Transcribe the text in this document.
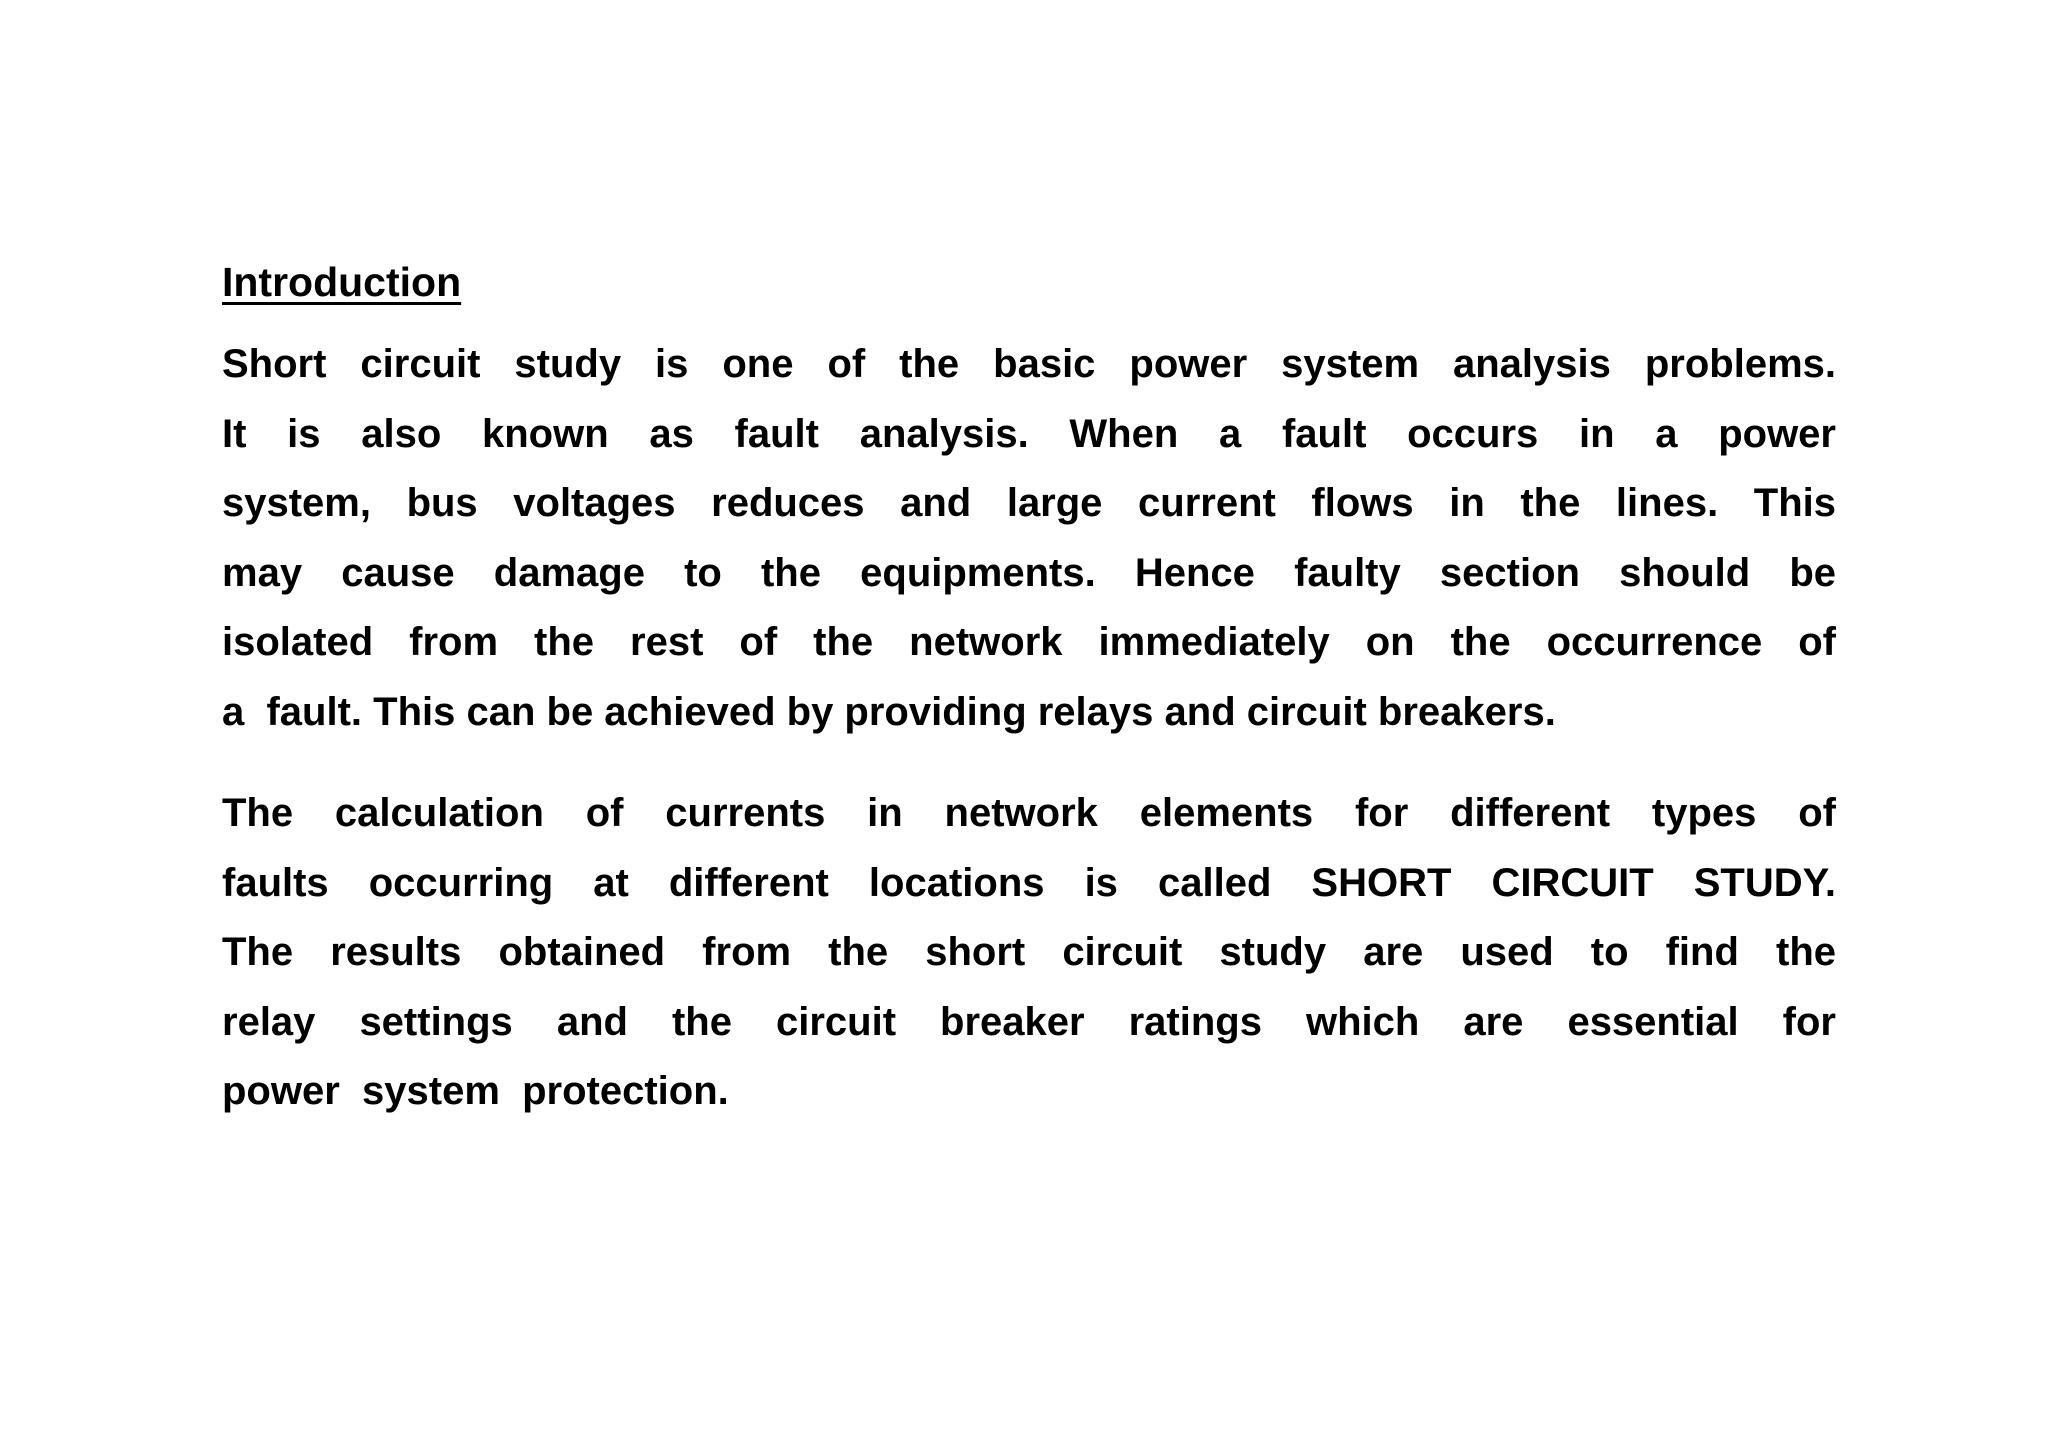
Introduction

Short circuit study is one of the basic power system analysis problems.
It is also known as fault analysis. When a fault occurs in a power
system, bus voltages reduces and large current flows in the lines. This
may cause damage to the equipments. Hence faulty section should be
isolated from the rest of the network immediately on the occurrence of
a  fault. This can be achieved by providing relays and circuit breakers.

The calculation of currents in network elements for different types of
faults occurring at different locations is called SHORT CIRCUIT STUDY.
The results obtained from the short circuit study are used to find the
relay settings and the circuit breaker ratings which are essential for
power  system  protection.
